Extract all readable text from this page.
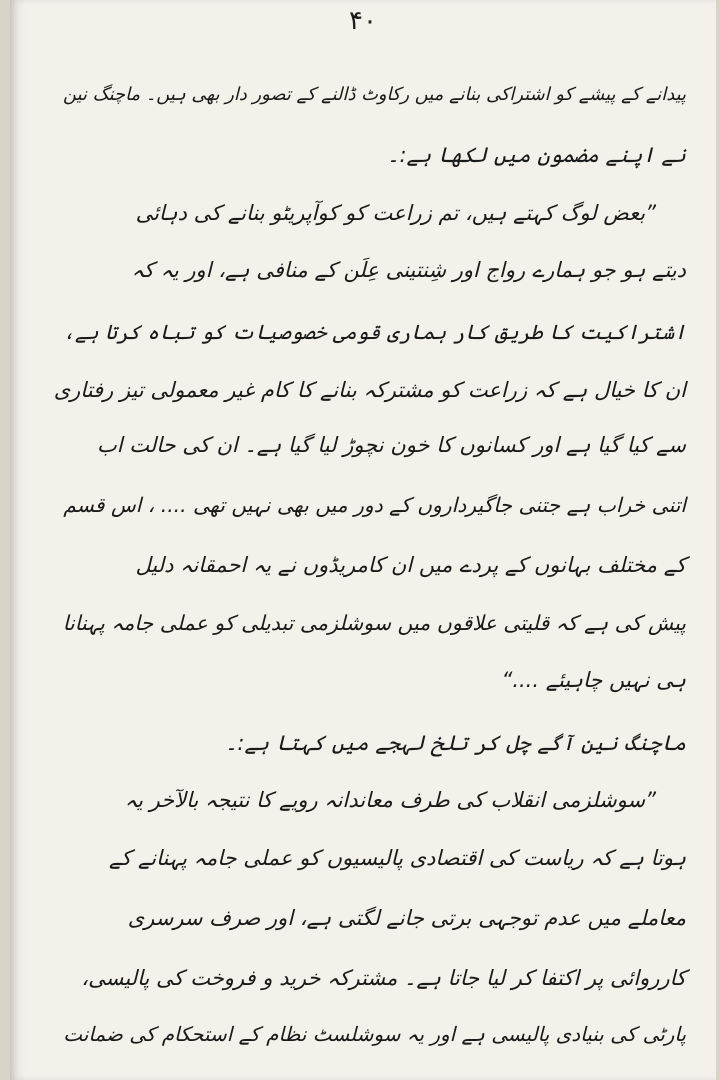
۴۰
پیدانے کے پیشے کو اشتراکی بنانے میں رکاوٹ ڈالنے کے تصور دار بھی ہیں۔ ماچنگ نین
نے اپنے مضمون میں لکھا ہے:۔
”بعض لوگ کہتے ہیں، تم زراعت کو کوآپریٹو بنانے کی دہائی
دیتے ہو جو ہمارے رواج اور شِنتینی عِلَن کے منافی ہے، اور یہ کہ
اشتراکیت کا طریق کار ہماری قومی خصوصیات کو تباہ کرتا ہے،
ان کا خیال ہے کہ زراعت کو مشترکہ بنانے کا کام غیر معمولی تیز رفتاری
سے کیا گیا ہے اور کسانوں کا خون نچوڑ لیا گیا ہے۔ ان کی حالت اب
اتنی خراب ہے جتنی جاگیرداروں کے دور میں بھی نہیں تھی .... ، اس قسم
کے مختلف بہانوں کے پردے میں ان کامریڈوں نے یہ احمقانہ دلیل
پیش کی ہے کہ قلیتی علاقوں میں سوشلزمی تبدیلی کو عملی جامہ پہنانا
ہی نہیں چاہیئے ....“
ماچنگ نین آگے چل کر تلخ لہجے میں کہتا ہے:۔
”سوشلزمی انقلاب کی طرف معاندانہ رویے کا نتیجہ بالآخر یہ
ہوتا ہے کہ ریاست کی اقتصادی پالیسیوں کو عملی جامہ پہنانے کے
معاملے میں عدم توجہی برتی جانے لگتی ہے، اور صرف سرسری
کارروائی پر اکتفا کر لیا جاتا ہے۔ مشترکہ خرید و فروخت کی پالیسی،
پارٹی کی بنیادی پالیسی ہے اور یہ سوشلسٹ نظام کے استحکام کی ضمانت
